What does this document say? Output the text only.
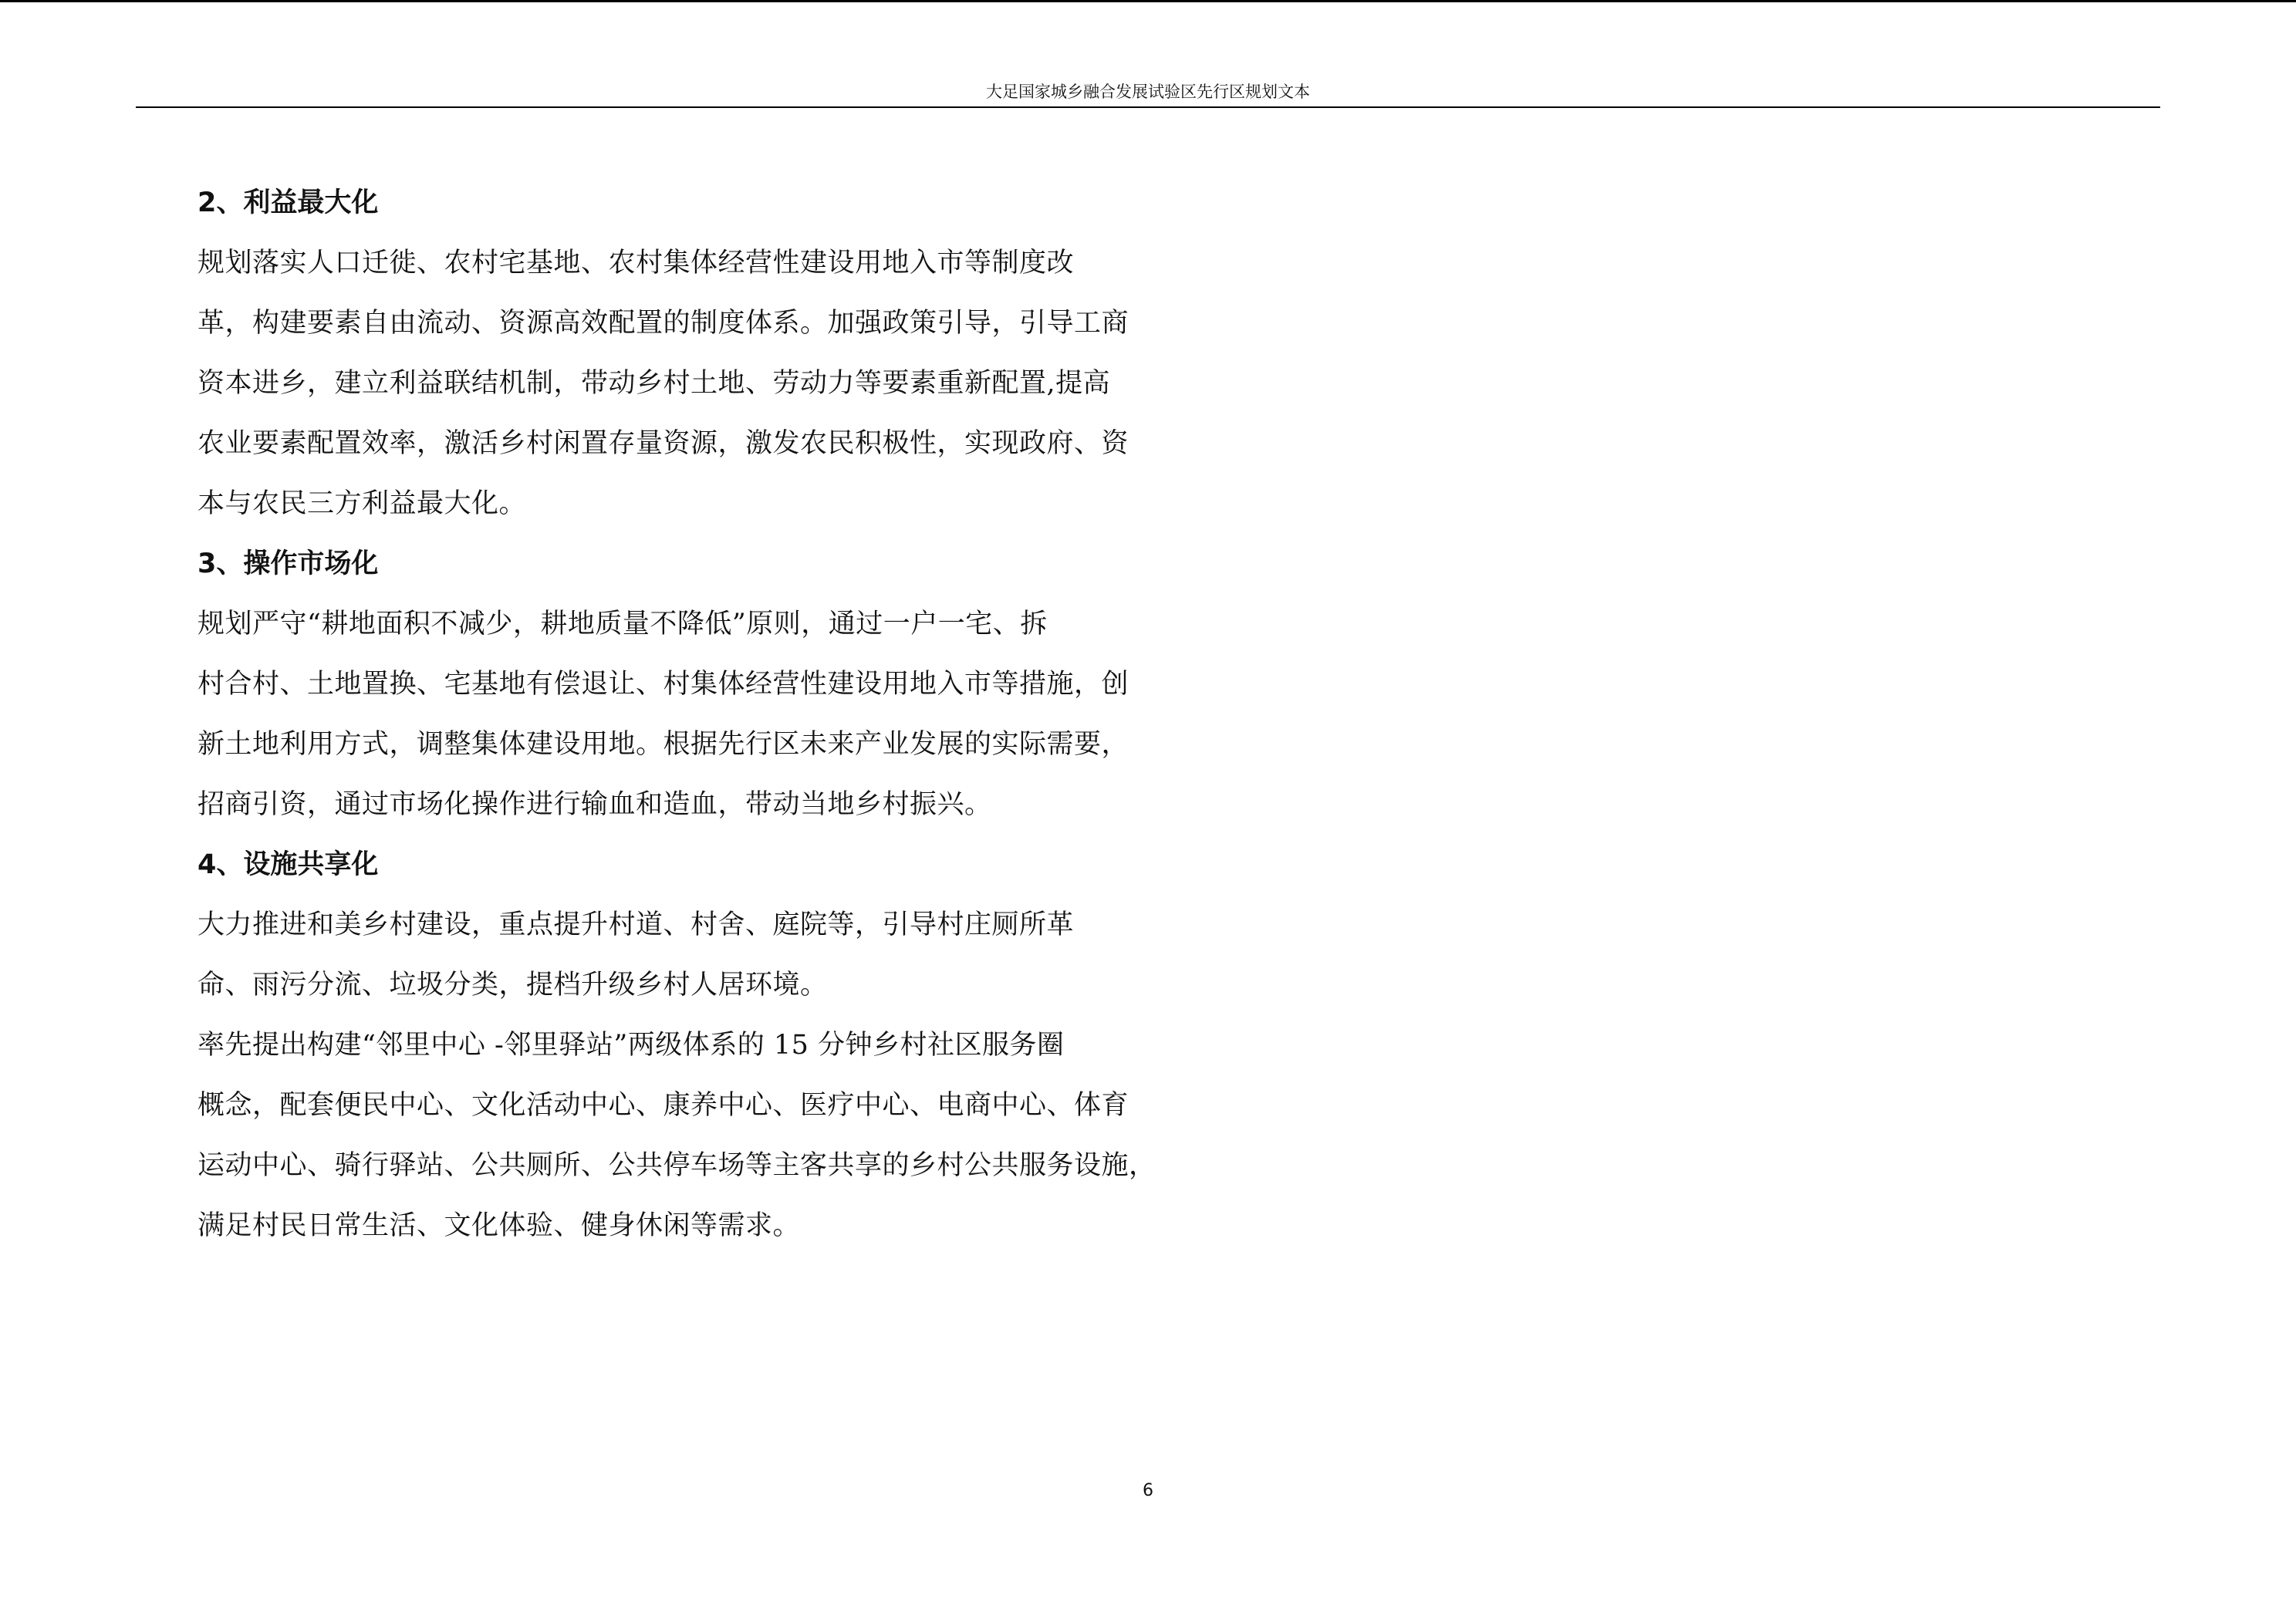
大足国家城乡融合发展试验区先行区规划文本
2、利益最大化

规划落实人口迁徙、农村宅基地、农村集体经营性建设用地入市等制度改
革，构建要素自由流动、资源高效配置的制度体系。加强政策引导，引导工商
资本进乡，建立利益联结机制，带动乡村土地、劳动力等要素重新配置,提高
农业要素配置效率，激活乡村闲置存量资源，激发农民积极性，实现政府、资
本与农民三方利益最大化。

3、操作市场化

规划严守“耕地面积不减少，耕地质量不降低”原则，通过一户一宅、拆
村合村、土地置换、宅基地有偿退让、村集体经营性建设用地入市等措施，创
新土地利用方式，调整集体建设用地。根据先行区未来产业发展的实际需要，
招商引资，通过市场化操作进行输血和造血，带动当地乡村振兴。

4、设施共享化

大力推进和美乡村建设，重点提升村道、村舍、庭院等，引导村庄厕所革
命、雨污分流、垃圾分类，提档升级乡村人居环境。

率先提出构建“邻里中心 -邻里驿站”两级体系的 15 分钟乡村社区服务圈
概念，配套便民中心、文化活动中心、康养中心、医疗中心、电商中心、体育
运动中心、骑行驿站、公共厕所、公共停车场等主客共享的乡村公共服务设施，
满足村民日常生活、文化体验、健身休闲等需求。

6
